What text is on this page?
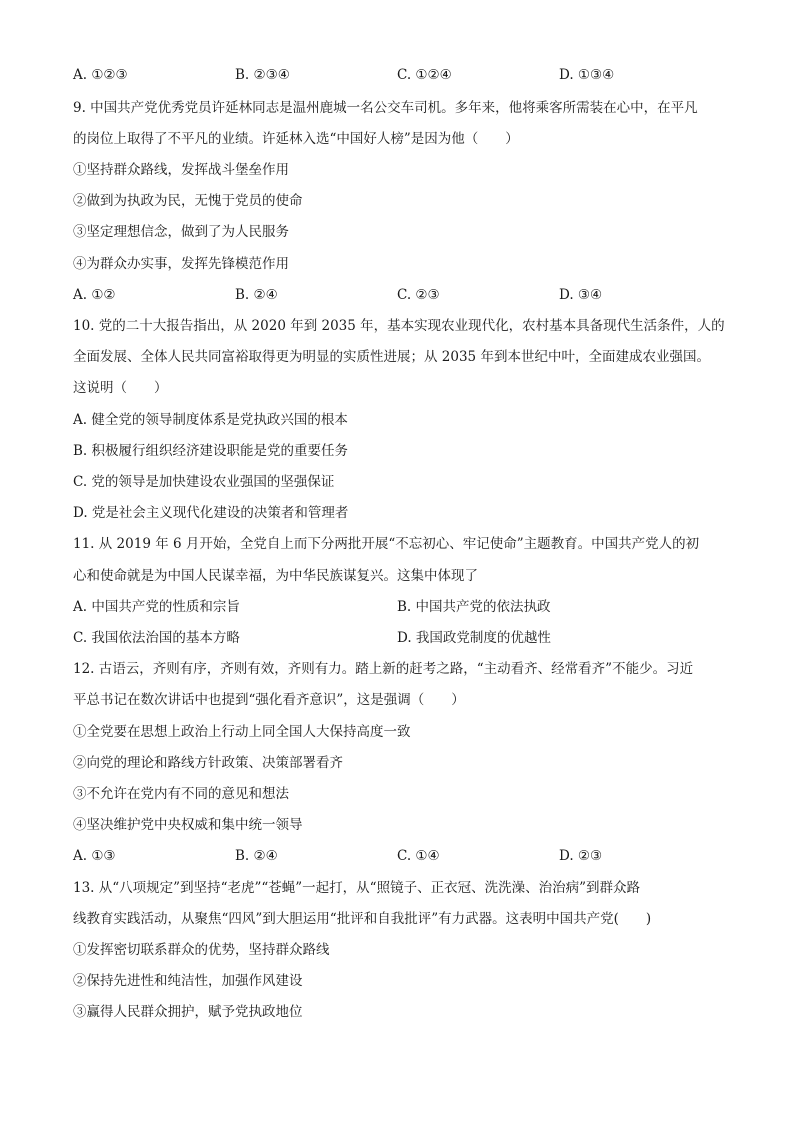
A. ①②③	B. ②③④	C. ①②④	D. ①③④

9. 中国共产党优秀党员许延林同志是温州鹿城一名公交车司机。多年来，他将乘客所需装在心中，在平凡

的岗位上取得了不平凡的业绩。许延林入选“中国好人榜”是因为他（　　）

①坚持群众路线，发挥战斗堡垒作用

②做到为执政为民，无愧于党员的使命

③坚定理想信念，做到了为人民服务

④为群众办实事，发挥先锋模范作用

A. ①②	B. ②④	C. ②③	D. ③④

10. 党的二十大报告指出，从 2020 年到 2035 年，基本实现农业现代化，农村基本具备现代生活条件，人的

全面发展、全体人民共同富裕取得更为明显的实质性进展；从 2035 年到本世纪中叶，全面建成农业强国。

这说明（　　）

A. 健全党的领导制度体系是党执政兴国的根本

B. 积极履行组织经济建设职能是党的重要任务

C. 党的领导是加快建设农业强国的坚强保证

D. 党是社会主义现代化建设的决策者和管理者

11. 从 2019 年 6 月开始，全党自上而下分两批开展“不忘初心、牢记使命”主题教育。中国共产党人的初

心和使命就是为中国人民谋幸福，为中华民族谋复兴。这集中体现了

A. 中国共产党的性质和宗旨	B. 中国共产党的依法执政
C. 我国依法治国的基本方略	D. 我国政党制度的优越性

12. 古语云，齐则有序，齐则有效，齐则有力。踏上新的赶考之路，“主动看齐、经常看齐”不能少。习近

平总书记在数次讲话中也提到“强化看齐意识”，这是强调（　　）

①全党要在思想上政治上行动上同全国人大保持高度一致

②向党的理论和路线方针政策、决策部署看齐

③不允许在党内有不同的意见和想法

④坚决维护党中央权威和集中统一领导

A. ①③	B. ②④	C. ①④	D. ②③

13. 从“八项规定”到坚持“老虎”“苍蝇”一起打，从“照镜子、正衣冠、洗洗澡、治治病”到群众路

线教育实践活动，从聚焦“四风”到大胆运用“批评和自我批评”有力武器。这表明中国共产党(　　)

①发挥密切联系群众的优势，坚持群众路线

②保持先进性和纯洁性，加强作风建设

③赢得人民群众拥护，赋予党执政地位
